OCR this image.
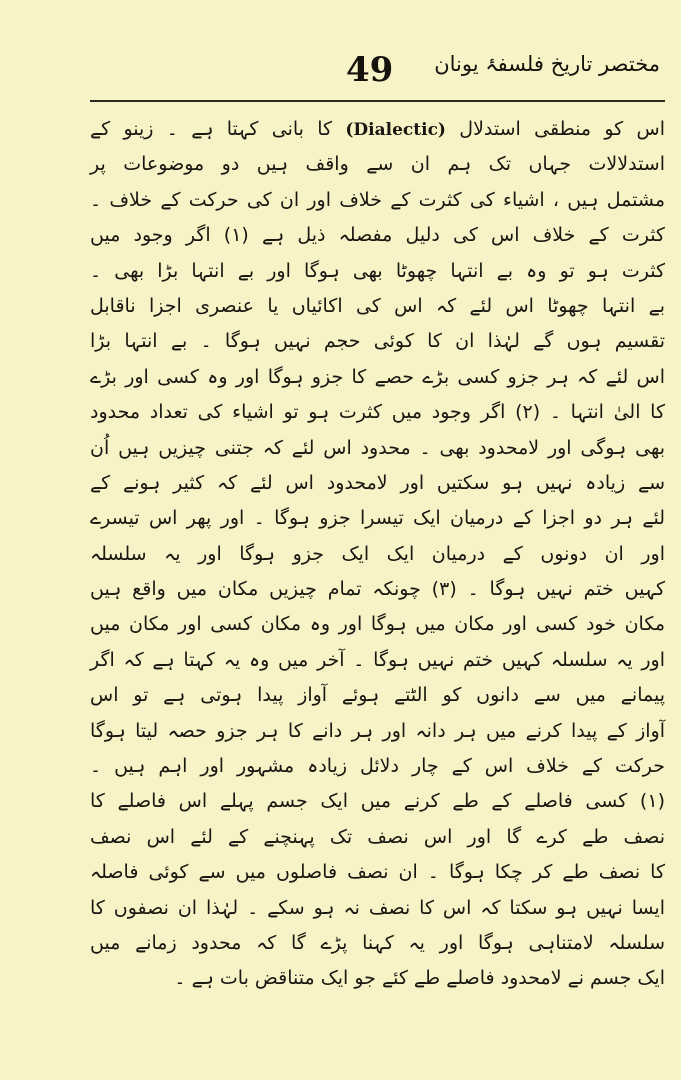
49	مختصر تاریخ فلسفۂ یونان
اس کو منطقی استدلال (Dialectic) کا بانی کہتا ہے ۔ زینو کے
استدلالات جہاں تک ہم ان سے واقف ہیں دو موضوعات پر
مشتمل ہیں ، اشیاء کی کثرت کے خلاف اور ان کی حرکت کے خلاف ۔
کثرت کے خلاف اس کی دلیل مفصلہ ذیل ہے (۱) اگر وجود میں
کثرت ہو تو وہ بے انتہا چھوٹا بھی ہوگا اور بے انتہا بڑا بھی ۔
بے انتہا چھوٹا اس لئے کہ اس کی اکائیاں یا عنصری اجزا ناقابل
تقسیم ہوں گے لہٰذا ان کا کوئی حجم نہیں ہوگا ۔ بے انتہا بڑا
اس لئے کہ ہر جزو کسی بڑے حصے کا جزو ہوگا اور وہ کسی اور بڑے
کا الیٰ انتہا ۔ (۲) اگر وجود میں کثرت ہو تو اشیاء کی تعداد محدود
بھی ہوگی اور لامحدود بھی ۔ محدود اس لئے کہ جتنی چیزیں ہیں اُن
سے زیادہ نہیں ہو سکتیں اور لامحدود اس لئے کہ کثیر ہونے کے
لئے ہر دو اجزا کے درمیان ایک تیسرا جزو ہوگا ۔ اور پھر اس تیسرے
اور ان دونوں کے درمیان ایک ایک جزو ہوگا اور یہ سلسلہ
کہیں ختم نہیں ہوگا ۔ (۳) چونکہ تمام چیزیں مکان میں واقع ہیں
مکان خود کسی اور مکان میں ہوگا اور وہ مکان کسی اور مکان میں
اور یہ سلسلہ کہیں ختم نہیں ہوگا ۔ آخر میں وہ یہ کہتا ہے کہ اگر
پیمانے میں سے دانوں کو الٹتے ہوئے آواز پیدا ہوتی ہے تو اس
آواز کے پیدا کرنے میں ہر دانہ اور ہر دانے کا ہر جزو حصہ لیتا ہوگا
حرکت کے خلاف اس کے چار دلائل زیادہ مشہور اور اہم ہیں ۔
(۱) کسی فاصلے کے طے کرنے میں ایک جسم پہلے اس فاصلے کا
نصف طے کرے گا اور اس نصف تک پہنچنے کے لئے اس نصف
کا نصف طے کر چکا ہوگا ۔ ان نصف فاصلوں میں سے کوئی فاصلہ
ایسا نہیں ہو سکتا کہ اس کا نصف نہ ہو سکے ۔ لہٰذا ان نصفوں کا
سلسلہ لامتناہی ہوگا اور یہ کہنا پڑے گا کہ محدود زمانے میں
ایک جسم نے لامحدود فاصلے طے کئے جو ایک متناقض بات ہے ۔
